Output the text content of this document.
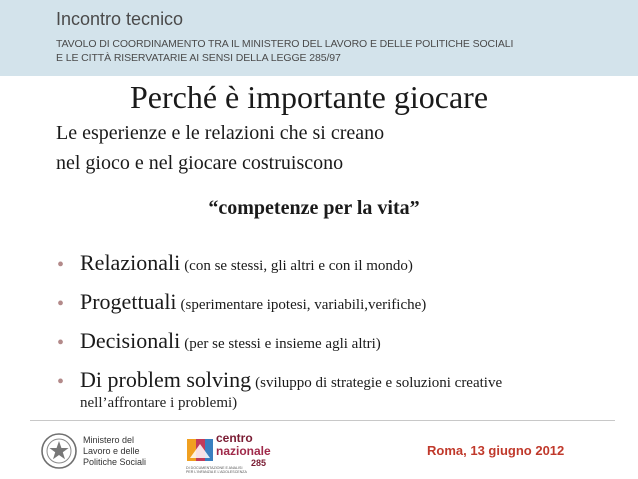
Incontro tecnico
TAVOLO DI COORDINAMENTO TRA IL MINISTERO DEL LAVORO E DELLE POLITICHE SOCIALI
E LE CITTÀ RISERVATARIE AI SENSI DELLA LEGGE 285/97
Perché è importante giocare
Le esperienze e le relazioni che si creano
nel gioco e nel giocare costruiscono
“competenze per la vita”
• Relazionali (con se stessi, gli altri e con il mondo)
• Progettuali (sperimentare ipotesi, variabili,verifiche)
• Decisionali (per se stessi e insieme agli altri)
• Di problem solving (sviluppo di strategie e soluzioni creative
nell’affrontare i problemi)
Ministero del
Lavoro e delle
Politiche Sociali
centro
nazionale
285
DI DOCUMENTAZIONE E ANALISI
PER L'INFANZIA E L'ADOLESCENZA
Roma, 13 giugno 2012
